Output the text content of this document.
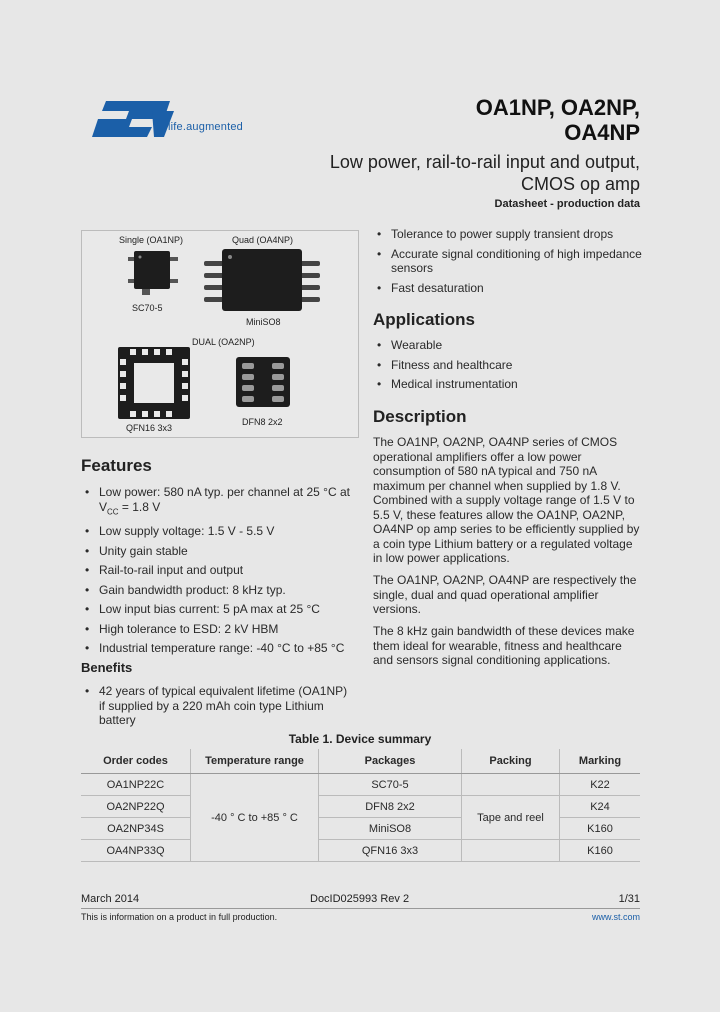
life.augmented
OA1NP, OA2NP,
OA4NP
Low power, rail-to-rail input and output,
CMOS op amp
Datasheet - production data
Single (OA1NP)	Quad (OA4NP)
SC70-5
MiniSO8
DUAL (OA2NP)
QFN16 3x3
DFN8 2x2
Features
• Low power: 580 nA typ. per channel at 25 °C at
$V_{CC} = 1.8$ V
• Low supply voltage: 1.5 V - 5.5 V
• Unity gain stable
• Rail-to-rail input and output
• Gain bandwidth product: 8 kHz typ.
• Low input bias current: 5 pA max at 25 °C
• High tolerance to ESD: 2 kV HBM
• Industrial temperature range: -40 °C to +85 °C
Benefits
• 42 years of typical equivalent lifetime (OA1NP) if supplied by a 220 mAh coin type Lithium battery
• Tolerance to power supply transient drops
• Accurate signal conditioning of high impedance sensors
• Fast desaturation
Applications
• Wearable
• Fitness and healthcare
• Medical instrumentation
Description

The OA1NP, OA2NP, OA4NP series of CMOS operational amplifiers offer a low power consumption of 580 nA typical and 750 nA maximum per channel when supplied by 1.8 V. Combined with a supply voltage range of 1.5 V to 5.5 V, these features allow the OA1NP, OA2NP, OA4NP op amp series to be efficiently supplied by a coin type Lithium battery or a regulated voltage in low power applications.

The OA1NP, OA2NP, OA4NP are respectively the single, dual and quad operational amplifier versions.

The 8 kHz gain bandwidth of these devices make them ideal for wearable, fitness and healthcare and sensors signal conditioning applications.

Table 1. Device summary
Order codes	Temperature range	Packages	Packing	Marking
OA1NP22C	-40 ° C to +85 ° C	SC70-5		K22
OA2NP22Q		DFN8 2x2	Tape and reel	K24
OA2NP34S		MiniSO8		K160
OA4NP33Q		QFN16 3x3		K160
March 2014	DocID025993 Rev 2	1/31
This is information on a product in full production.	www.st.com
